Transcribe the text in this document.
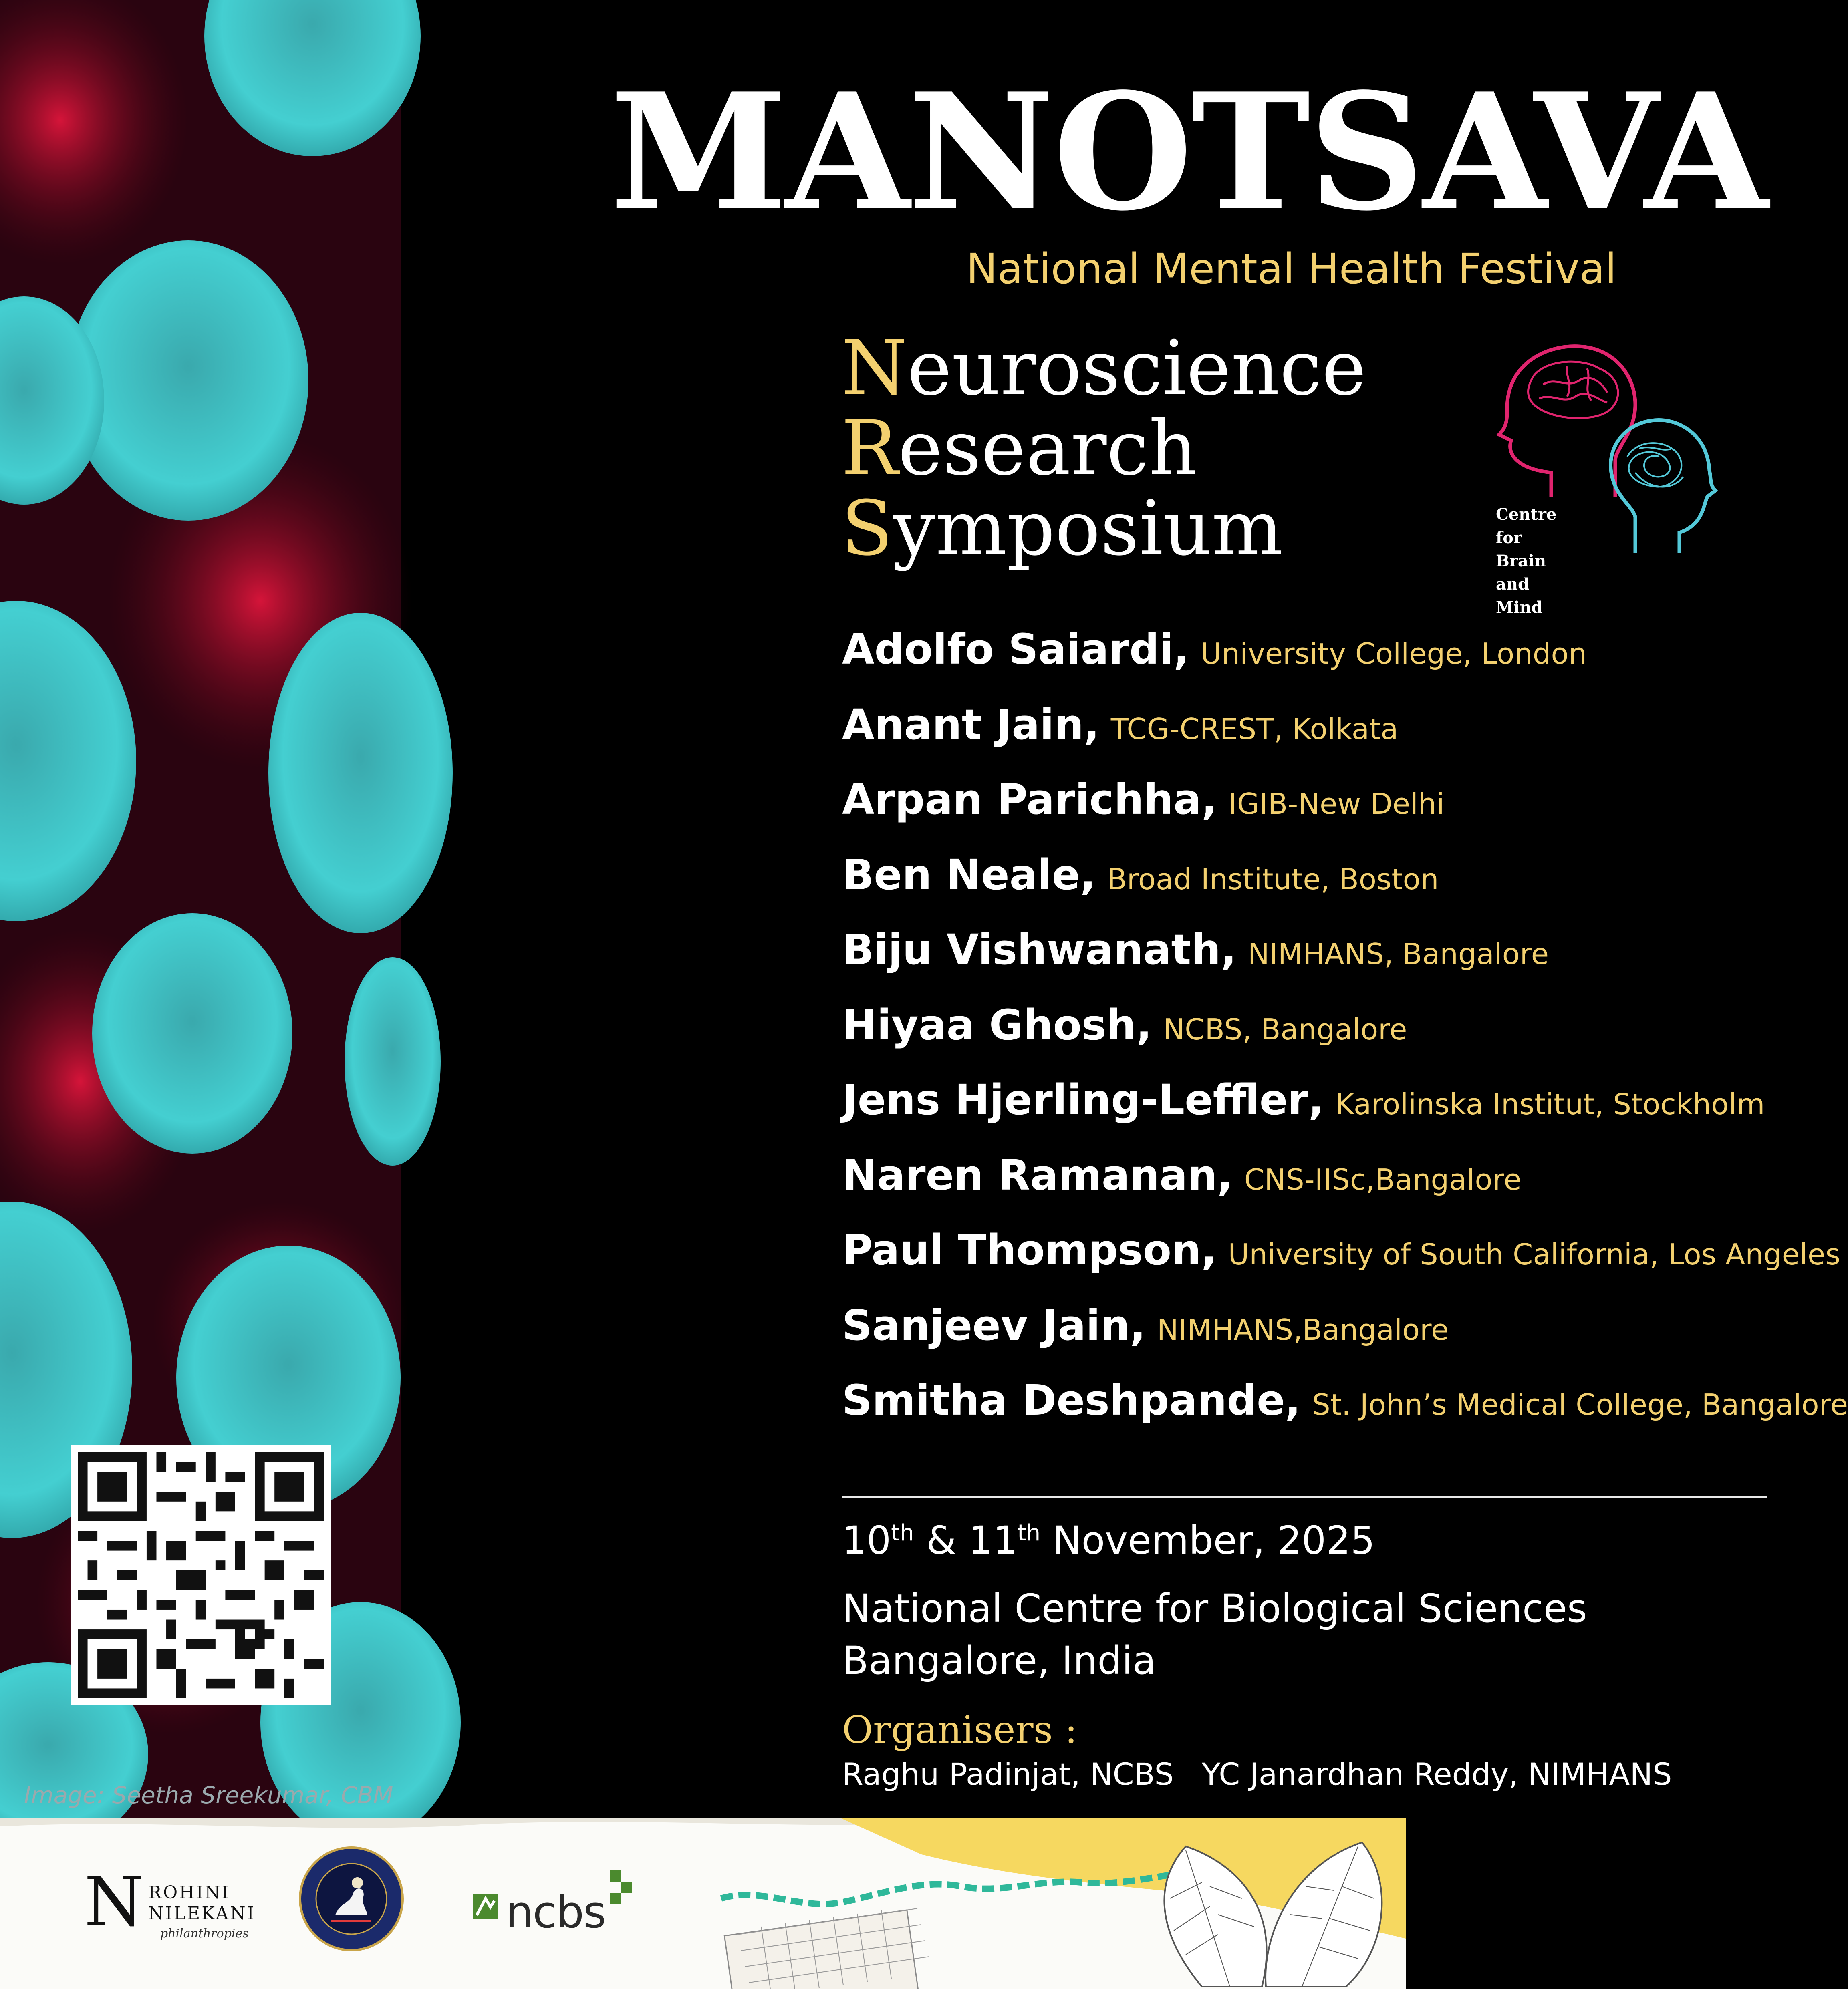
Image: Seetha Sreekumar, CBM
MANOTSAVA
National Mental Health Festival
Neuroscience
Research
Symposium	Centre
for Brain
and Mind
Adolfo Saiardi , University College, London
Anant Jain , TCG-CREST, Kolkata
Arpan Parichha , IGIB-New Delhi
Ben Neale , Broad Institute, Boston
Biju Vishwanath , NIMHANS, Bangalore
Hiyaa Ghosh , NCBS, Bangalore
Jens Hjerling-Leffler , Karolinska Institut, Stockholm
Naren Ramanan , CNS-IISc,Bangalore
Paul Thompson , University of South California, Los Angeles
Sanjeev Jain , NIMHANS,Bangalore
Smitha Deshpande , St. John’s Medical College, Bangalore
10th & 11th November, 2025
National Centre for Biological Sciences
Bangalore, India
Organisers :
Raghu Padinjat, NCBS YC Janardhan Reddy, NIMHANS
N ROHINI
NILEKANI
philanthropies	ncbs
